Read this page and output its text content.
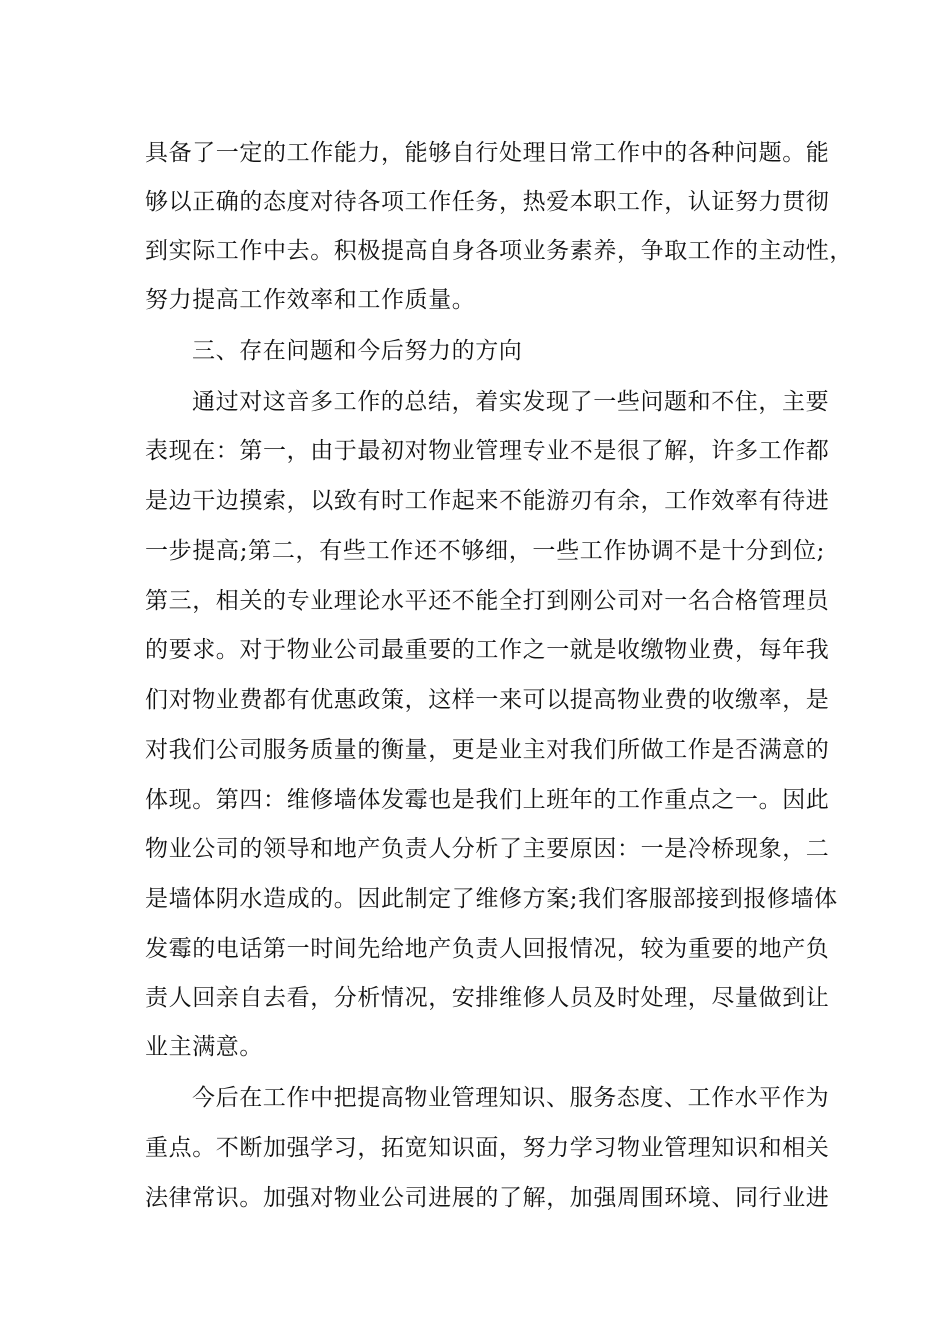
具备了一定的工作能力，能够自行处理日常工作中的各种问题。能
够以正确的态度对待各项工作任务，热爱本职工作，认证努力贯彻
到实际工作中去。积极提高自身各项业务素养，争取工作的主动性，
努力提高工作效率和工作质量。
三、存在问题和今后努力的方向
通过对这音多工作的总结，着实发现了一些问题和不住，主要
表现在：第一，由于最初对物业管理专业不是很了解，许多工作都
是边干边摸索，以致有时工作起来不能游刃有余，工作效率有待进
一步提高;第二，有些工作还不够细，一些工作协调不是十分到位;
第三，相关的专业理论水平还不能全打到刚公司对一名合格管理员
的要求。对于物业公司最重要的工作之一就是收缴物业费，每年我
们对物业费都有优惠政策，这样一来可以提高物业费的收缴率，是
对我们公司服务质量的衡量，更是业主对我们所做工作是否满意的
体现。第四：维修墙体发霉也是我们上班年的工作重点之一。因此
物业公司的领导和地产负责人分析了主要原因：一是冷桥现象，二
是墙体阴水造成的。因此制定了维修方案;我们客服部接到报修墙体
发霉的电话第一时间先给地产负责人回报情况，较为重要的地产负
责人回亲自去看，分析情况，安排维修人员及时处理，尽量做到让
业主满意。
今后在工作中把提高物业管理知识、服务态度、工作水平作为
重点。不断加强学习，拓宽知识面，努力学习物业管理知识和相关
法律常识。加强对物业公司进展的了解，加强周围环境、同行业进
